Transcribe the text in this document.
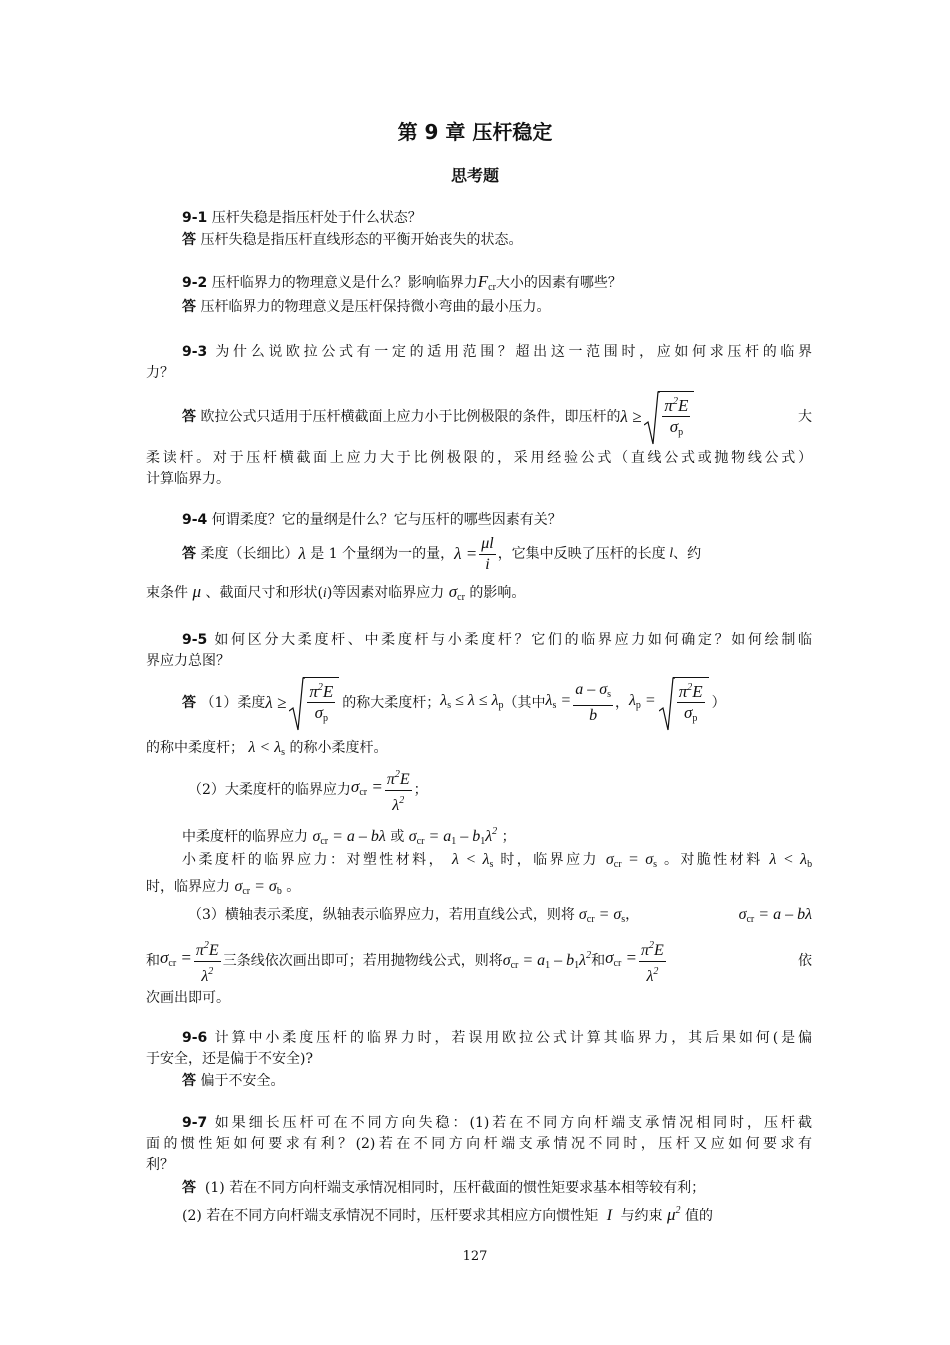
第 9 章 压杆稳定
思考题
9-1 压杆失稳是指压杆处于什么状态？
答 压杆失稳是指压杆直线形态的平衡开始丧失的状态。
9-2 压杆临界力的物理意义是什么？影响临界力$F_{cr}$大小的因素有哪些？
答 压杆临界力的物理意义是压杆保持微小弯曲的最小压力。
9-3 为什么说欧拉公式有一定的适用范围？超出这一范围时，应如何求压杆的临界
力？
答
欧拉公式只适用于压杆横截面上应力小于比例极限的条件，即压杆的 $\lambda \ge \frac{\pi^2E}{\sigma_p}$	大
柔读杆。对于压杆横截面上应力大于比例极限的，采用经验公式（直线公式或抛物线公式）
计算临界力。
9-4 何谓柔度？它的量纲是什么？它与压杆的哪些因素有关？
答
柔度（长细比） λ
是 1 个量纲为一的量， $\lambda = \frac{\mu l}{i}$ ，它集中反映了压杆的长度 l 、约
束条件 μ 、截面尺寸和形状(i)等因素对临界应力 $\sigma_{cr}$ 的影响。
9-5 如何区分大柔度杆、中柔度杆与小柔度杆？它们的临界应力如何确定？如何绘制临
界应力总图？
答
（1）柔度 $\lambda \ge \frac{\pi^2E}{\sigma_p}$ 的称大柔度杆； $\lambda_s \le \lambda \le \lambda_p$ （其中 $\lambda_s = \frac{a - \sigma_s}{b}$ ， $\lambda_p = \frac{\pi^2E}{\sigma_p}$ ）
的称中柔度杆； $\lambda < \lambda_s$ 的称小柔度杆。
（2）大柔度杆的临界应力 $\sigma_{cr} = \frac{\pi^2E}{\lambda^2}$ ；
中柔度杆的临界应力 $\sigma_{cr} = a - b\lambda$ 或 $\sigma_{cr} = a_1 - b_1\lambda^2$ ；
小柔度杆的临界应力：对塑性材料， $\lambda < \lambda_s$ 时，临界应力 $\sigma_{cr} = \sigma_s$ 。对脆性材料 $\lambda < \lambda_b$
时，临界应力 $\sigma_{cr} = \sigma_b$ 。
（3）横轴表示柔度，纵轴表示临界应力，若用直线公式，则将 $\sigma_{cr} = \sigma_s$ ，	$\sigma_{cr} = a - b\lambda$
和 $\sigma_{cr} = \frac{\pi^2E}{\lambda^2}$ 三条线依次画出即可；若用抛物线公式，则将 $\sigma_{cr} = a_1 - b_1\lambda^2$ 和 $\sigma_{cr} = \frac{\pi^2E}{\lambda^2}$	依
次画出即可。
9-6 计算中小柔度压杆的临界力时，若误用欧拉公式计算其临界力，其后果如何(是偏
于安全，还是偏于不安全)?
答 偏于不安全。
9-7 如果细长压杆可在不同方向失稳：(1)若在不同方向杆端支承情况相同时，压杆截
面的惯性矩如何要求有利？(2)若在不同方向杆端支承情况不同时，压杆又应如何要求有
利？
答 (1) 若在不同方向杆端支承情况相同时，压杆截面的惯性矩要求基本相等较有利；
(2) 若在不同方向杆端支承情况不同时，压杆要求其相应方向惯性矩  I  与约束 $\mu^2$ 值的
127
